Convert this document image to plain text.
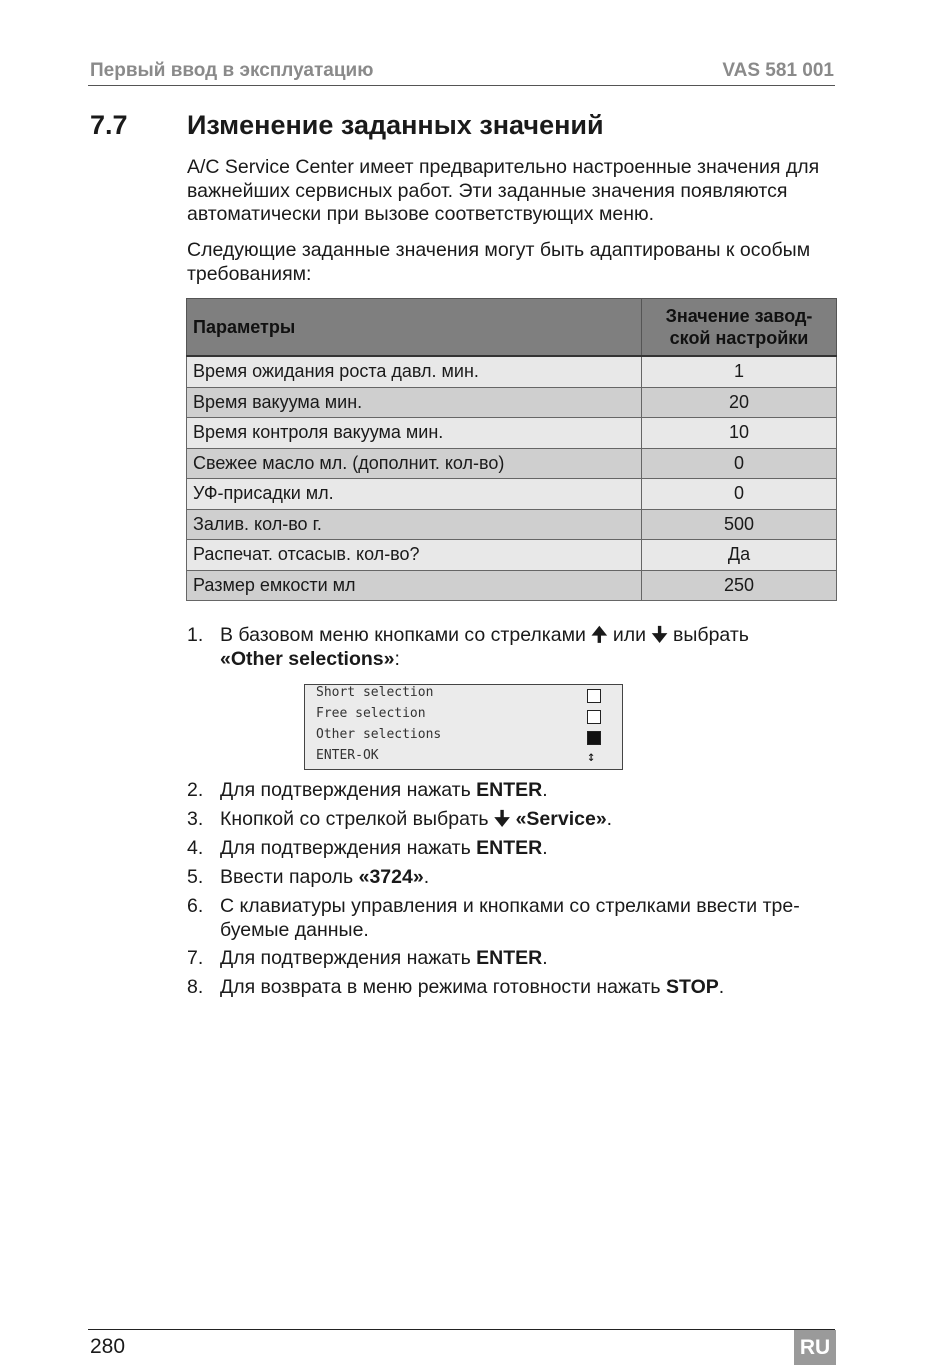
Первый ввод в эксплуатацию	VAS 581 001
7.7 Изменение заданных значений
A/C Service Center имеет предварительно настроенные значения для важнейших сервисных работ. Эти заданные значения появляются автоматически при вызове соответствующих меню.
Следующие заданные значения могут быть адаптированы к особым требованиям:
Параметры	Значение завод-
ской настройки
Время ожидания роста давл. мин.	1
Время вакуума мин.	20
Время контроля вакуума мин.	10
Свежее масло мл. (дополнит. кол-во)	0
УФ-присадки мл.	0
Залив. кол-во г.	500
Распечат. отсасыв. кол-во?	Да
Размер емкости мл	250
1. В базовом меню кнопками со стрелками 🠉 или 🠋 выбрать
«Other selections»:
Short selection
Free selection
Other selections
ENTER-OK	↕
2. Для подтверждения нажать ENTER.
3. Кнопкой со стрелкой выбрать 🠋 «Service».
4. Для подтверждения нажать ENTER.
5. Ввести пароль «3724».
6. С клавиатуры управления и кнопками со стрелками ввести тре-
буемые данные.
7. Для подтверждения нажать ENTER.
8. Для возврата в меню режима готовности нажать STOP.
280	RU
